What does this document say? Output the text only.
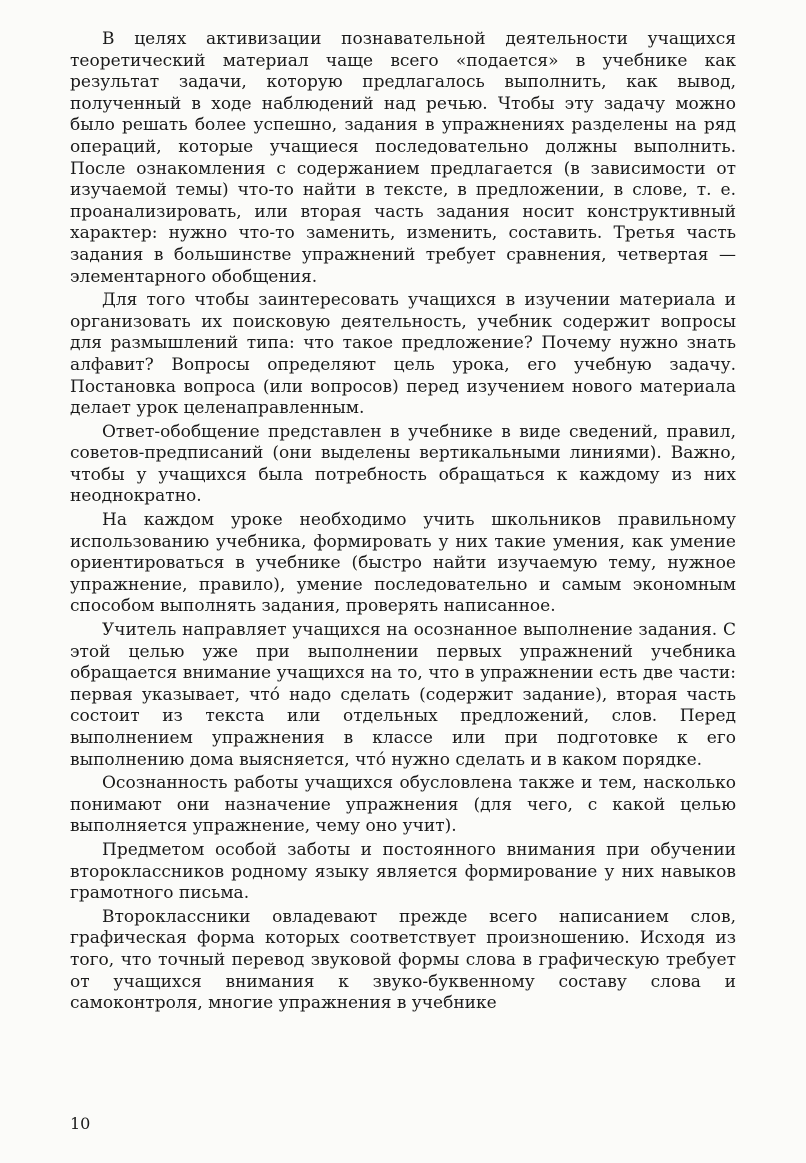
В целях активизации познавательной деятельности учащихся теоретический материал чаще всего «подается» в учебнике как результат задачи, которую предлагалось выполнить, как вывод, полученный в ходе наблюдений над речью. Чтобы эту задачу можно было решать более успешно, задания в упражнениях разделены на ряд операций, которые учащиеся последовательно должны выполнить. После ознакомления с содержанием предлагается (в зависимости от изучаемой темы) что-то найти в тексте, в предложении, в слове, т. е. проанализировать, или вторая часть задания носит конструктивный характер: нужно что-то заменить, изменить, составить. Третья часть задания в большинстве упражнений требует сравнения, четвертая — элементарного обобщения.

Для того чтобы заинтересовать учащихся в изучении материала и организовать их поисковую деятельность, учебник содержит вопросы для размышлений типа: что такое предложение? Почему нужно знать алфавит? Вопросы определяют цель урока, его учебную задачу. Постановка вопроса (или вопросов) перед изучением нового материала делает урок целенаправленным.

Ответ-обобщение представлен в учебнике в виде сведений, правил, советов-предписаний (они выделены вертикальными линиями). Важно, чтобы у учащихся была потребность обращаться к каждому из них неоднократно.

На каждом уроке необходимо учить школьников правильному использованию учебника, формировать у них такие умения, как умение ориентироваться в учебнике (быстро найти изучаемую тему, нужное упражнение, правило), умение последовательно и самым экономным способом выполнять задания, проверять написанное.

Учитель направляет учащихся на осознанное выполнение задания. С этой целью уже при выполнении первых упражнений учебника обращается внимание учащихся на то, что в упражнении есть две части: первая указывает, что́ надо сделать (содержит задание), вторая часть состоит из текста или отдельных предложений, слов. Перед выполнением упражнения в классе или при подготовке к его выполнению дома выясняется, что́ нужно сделать и в каком порядке.

Осознанность работы учащихся обусловлена также и тем, насколько понимают они назначение упражнения (для чего, с какой целью выполняется упражнение, чему оно учит).

Предметом особой заботы и постоянного внимания при обучении второклассников родному языку является формирование у них навыков грамотного письма.

Второклассники овладевают прежде всего написанием слов, графическая форма которых соответствует произношению. Исходя из того, что точный перевод звуковой формы слова в графическую требует от учащихся внимания к звуко-буквенному составу слова и самоконтроля, многие упражнения в учебнике

10
